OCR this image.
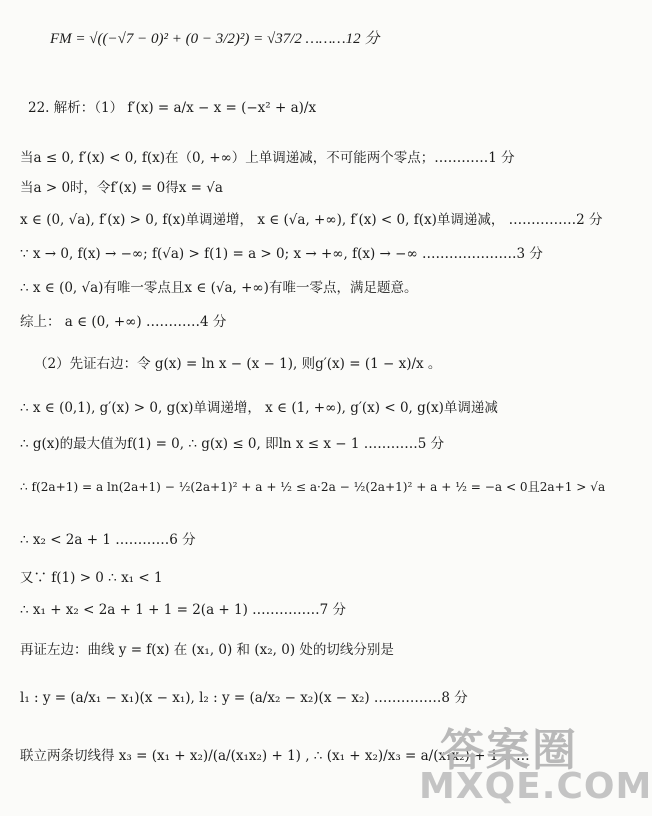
FM = √((−√7 − 0)² + (0 − 3/2)²) = √37/2 ………12 分
22. 解析：（1） f′(x) = a/x − x = (−x² + a)/x
当a ≤ 0, f′(x) < 0, f(x)在（0, +∞）上单调递减，不可能两个零点；…………1 分
当a > 0时，令f′(x) = 0得x = √a
x ∈ (0, √a), f′(x) > 0, f(x)单调递增， x ∈ (√a, +∞), f′(x) < 0, f(x)单调递减， ……………2 分
∵ x → 0, f(x) → −∞; f(√a) > f(1) = a > 0; x → +∞, f(x) → −∞ …………………3 分
∴ x ∈ (0, √a)有唯一零点且x ∈ (√a, +∞)有唯一零点，满足题意。
综上： a ∈ (0, +∞) …………4 分
（2）先证右边：令 g(x) = ln x − (x − 1), 则g′(x) = (1 − x)/x 。
∴ x ∈ (0,1), g′(x) > 0, g(x)单调递增， x ∈ (1, +∞), g′(x) < 0, g(x)单调递减
∴ g(x)的最大值为f(1) = 0, ∴ g(x) ≤ 0, 即ln x ≤ x − 1 …………5 分
∴ f(2a+1) = a ln(2a+1) − ½(2a+1)² + a + ½ ≤ a·2a − ½(2a+1)² + a + ½ = −a < 0且2a+1 > √a
∴ x₂ < 2a + 1 …………6 分
又∵ f(1) > 0 ∴ x₁ < 1
∴ x₁ + x₂ < 2a + 1 + 1 = 2(a + 1) ……………7 分
再证左边：曲线 y = f(x) 在 (x₁, 0) 和 (x₂, 0) 处的切线分别是
l₁ : y = (a/x₁ − x₁)(x − x₁), l₂ : y = (a/x₂ − x₂)(x − x₂) ……………8 分
联立两条切线得 x₃ = (x₁ + x₂)/(a/(x₁x₂) + 1) , ∴ (x₁ + x₂)/x₃ = a/(x₁x₂) + 1 ……
答案圈
MXQE.COM
